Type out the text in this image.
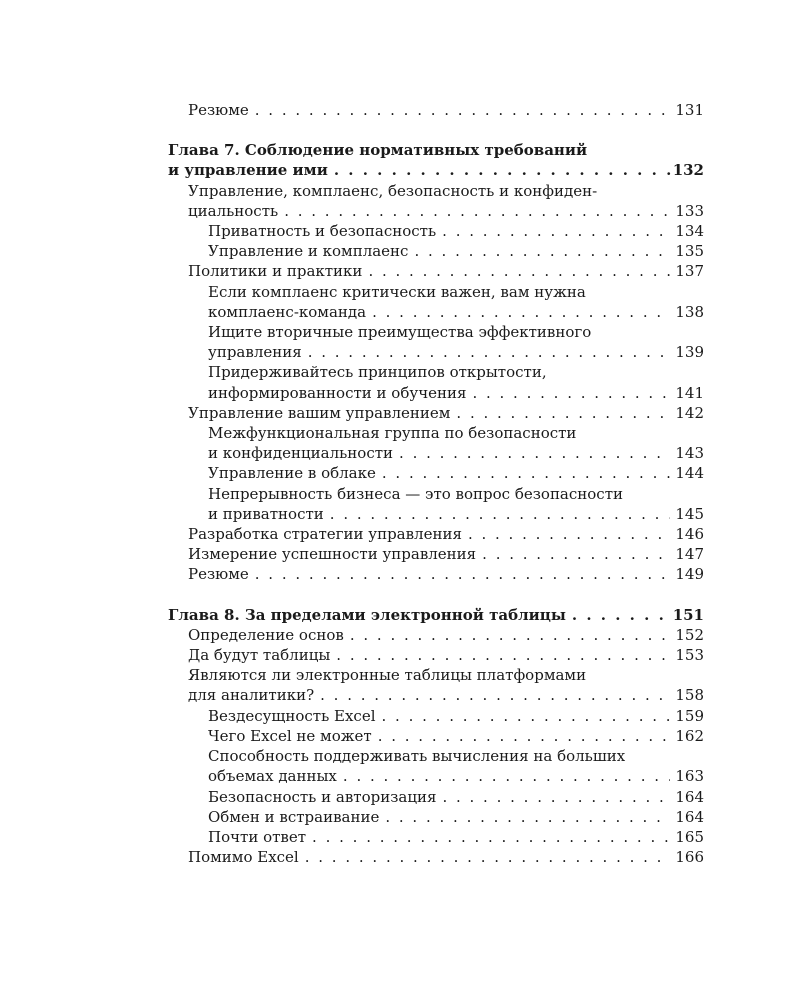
Резюме . . .	131
Глава 7. Соблюдение нормативных требований
и управление ими . . .	132
Управление, комплаенс, безопасность и конфиден-
циальность . . .	133
Приватность и безопасность . . .	134
Управление и комплаенс . . .	135
Политики и практики . . .	137
Если комплаенс критически важен, вам нужна
комплаенс-команда . . .	138
Ищите вторичные преимущества эффективного
управления . . .	139
Придерживайтесь принципов открытости,
информированности и обучения . . .	141
Управление вашим управлением . . .	142
Межфункциональная группа по безопасности
и конфиденциальности . . .	143
Управление в облаке . . .	144
Непрерывность бизнеса — это вопрос безопасности
и приватности . . .	145
Разработка стратегии управления . . .	146
Измерение успешности управления . . .	147
Резюме . . .	149
Глава 8. За пределами электронной таблицы . . .	151
Определение основ . . .	152
Да будут таблицы . . .	153
Являются ли электронные таблицы платформами
для аналитики? . . .	158
Вездесущность Excel . . .	159
Чего Excel не может . . .	162
Способность поддерживать вычисления на больших
объемах данных . . .	163
Безопасность и авторизация . . .	164
Обмен и встраивание . . .	164
Почти ответ . . .	165
Помимо Excel . . .	166
